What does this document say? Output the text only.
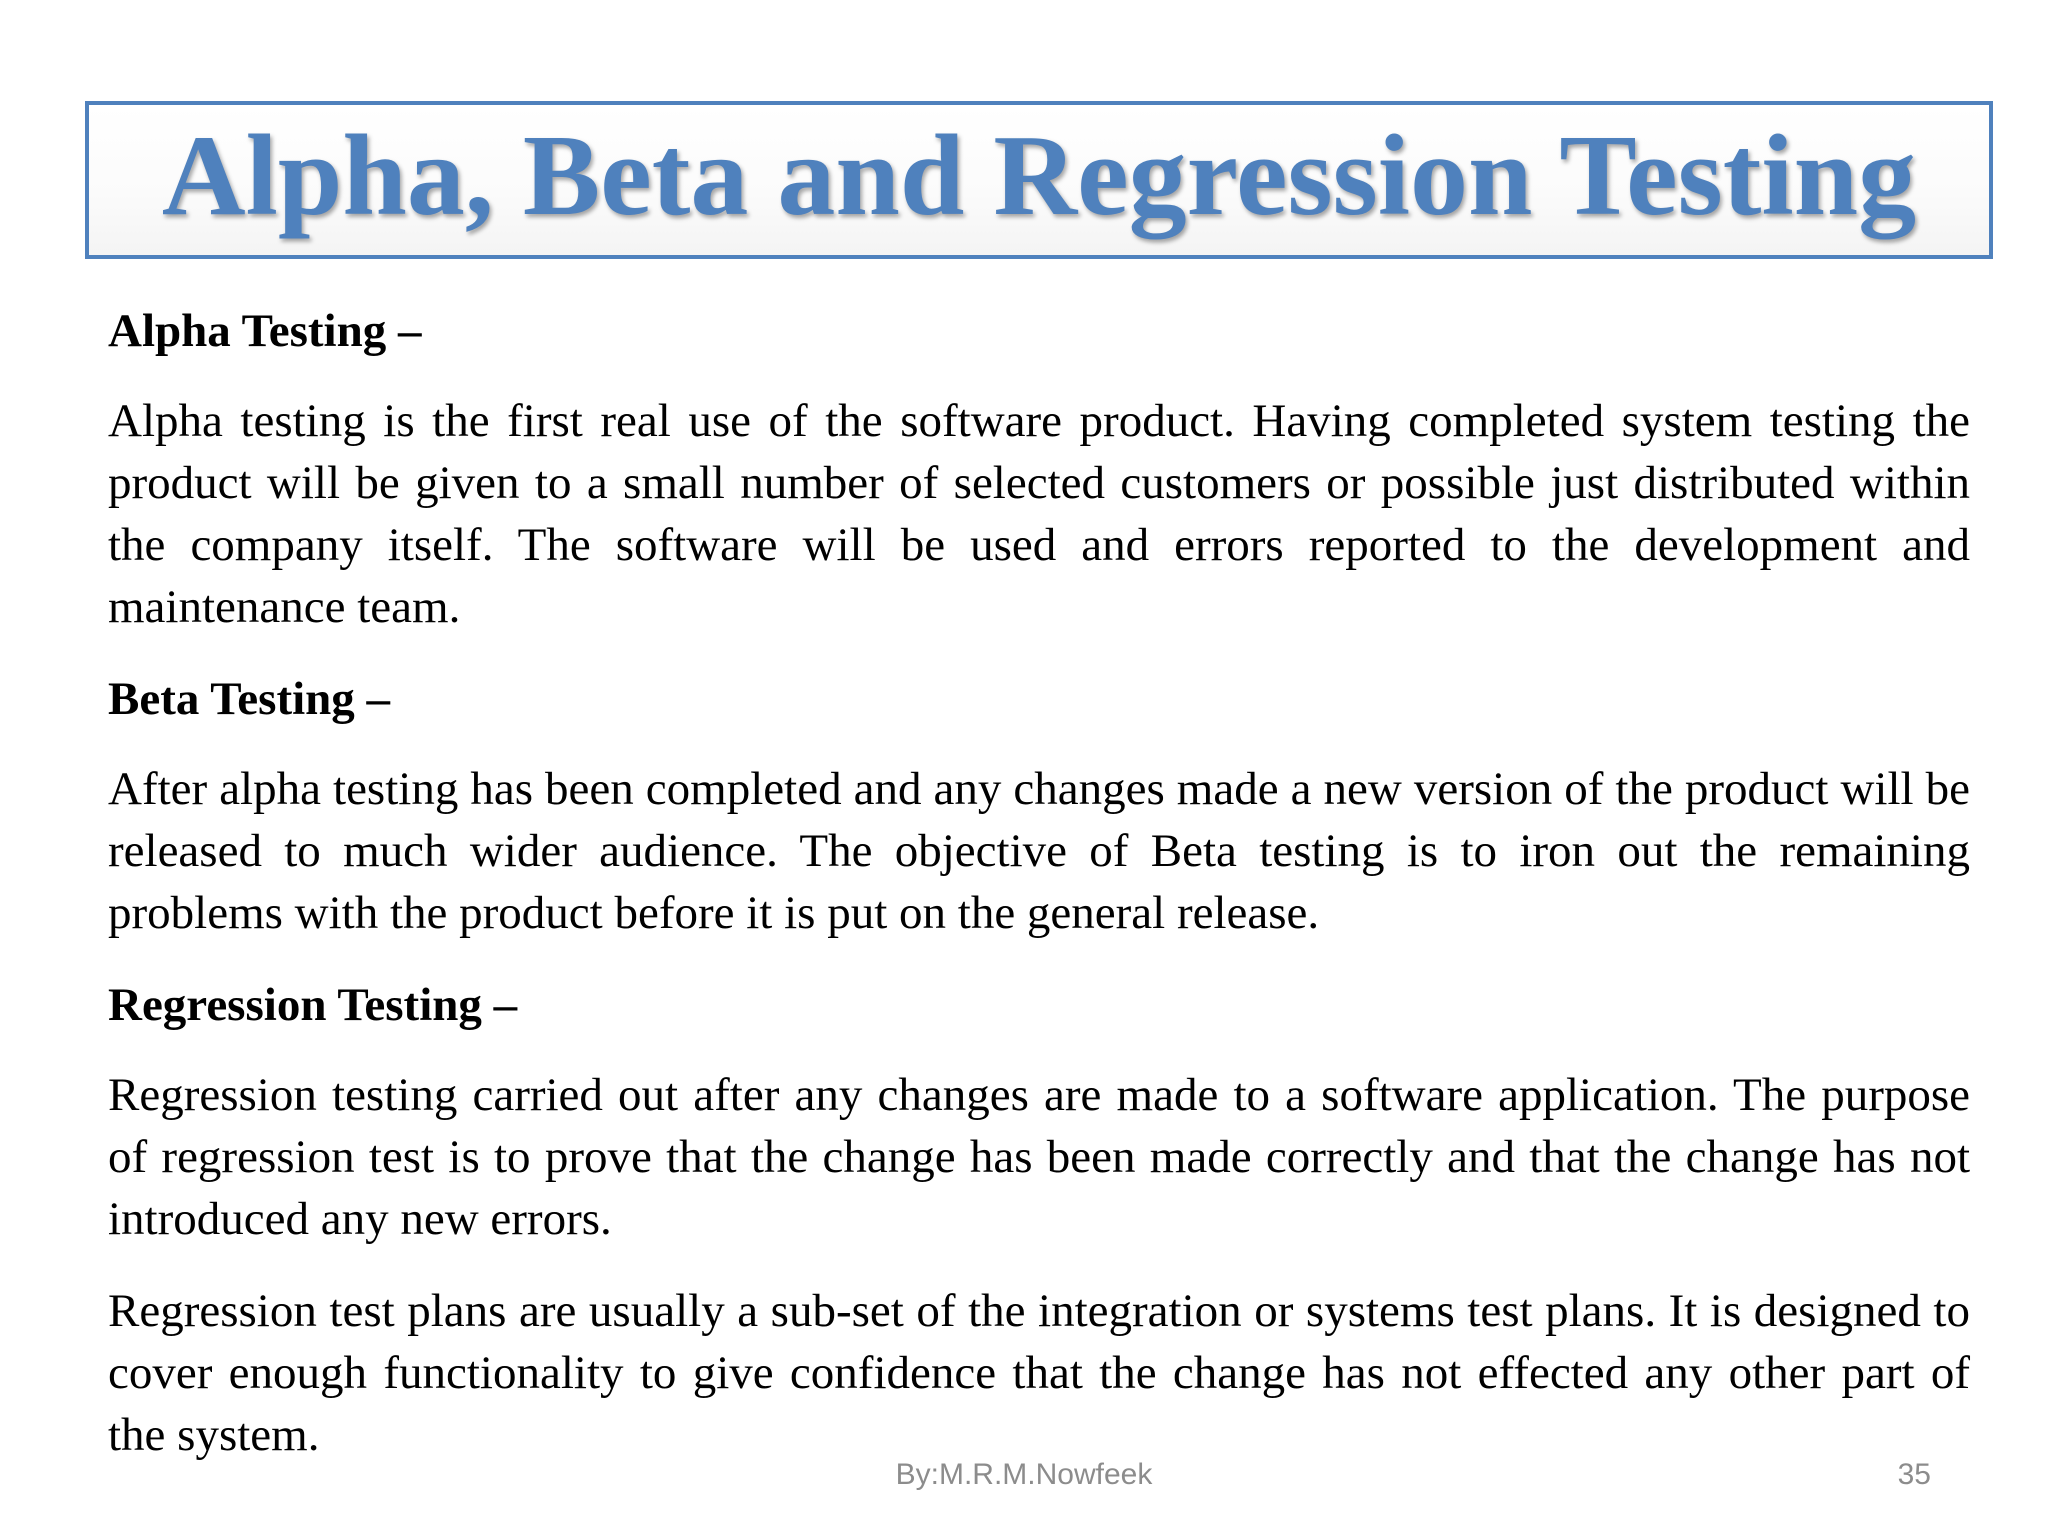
Alpha, Beta and Regression Testing
Alpha Testing –

Alpha testing is the first real use of the software product. Having completed system testing the product will be given to a small number of selected customers or possible just distributed within the company itself. The software will be used and errors reported to the development and maintenance team.

Beta Testing –

After alpha testing has been completed and any changes made a new version of the product will be released to much wider audience. The objective of Beta testing is to iron out the remaining problems with the product before it is put on the general release.

Regression Testing –

Regression testing carried out after any changes are made to a software application. The purpose of regression test is to prove that the change has been made correctly and that the change has not introduced any new errors.

Regression test plans are usually a sub-set of the integration or systems test plans. It is designed to cover enough functionality to give confidence that the change has not effected any other part of the system.

By:M.R.M.Nowfeek	35
